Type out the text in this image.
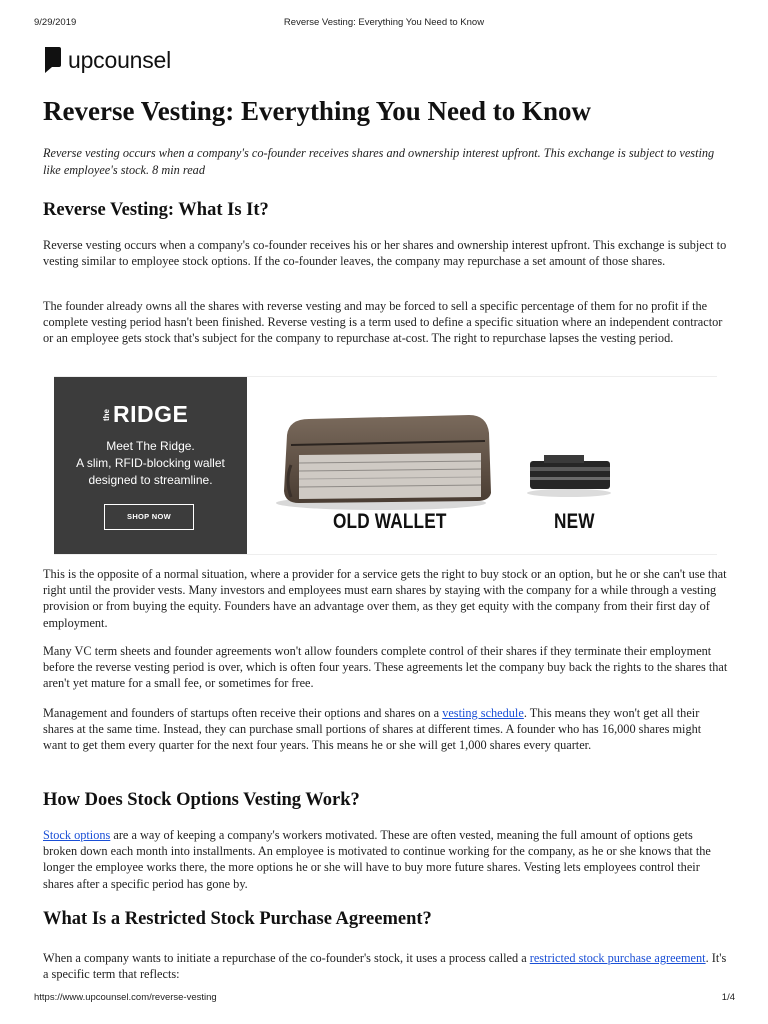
9/29/2019	Reverse Vesting: Everything You Need to Know
upcounsel
Reverse Vesting: Everything You Need to Know

Reverse vesting occurs when a company's co-founder receives shares and ownership interest upfront. This exchange is subject to vesting like employee's stock. 8 min read

Reverse Vesting: What Is It?

Reverse vesting occurs when a company's co-founder receives his or her shares and ownership interest upfront. This exchange is subject to vesting similar to employee stock options. If the co-founder leaves, the company may repurchase a set amount of those shares.

The founder already owns all the shares with reverse vesting and may be forced to sell a specific percentage of them for no profit if the complete vesting period hasn't been finished. Reverse vesting is a term used to define a specific situation where an independent contractor or an employee gets stock that's subject for the company to repurchase at-cost. The right to repurchase lapses the vesting period.

the RIDGE
Meet The Ridge.
A slim, RFID-blocking wallet
designed to streamline.
SHOP NOW	OLD WALLET	NEW

This is the opposite of a normal situation, where a provider for a service gets the right to buy stock or an option, but he or she can't use that right until the provider vests. Many investors and employees must earn shares by staying with the company for a while through a vesting provision or from buying the equity. Founders have an advantage over them, as they get equity with the company from their first day of employment.

Many VC term sheets and founder agreements won't allow founders complete control of their shares if they terminate their employment before the reverse vesting period is over, which is often four years. These agreements let the company buy back the rights to the shares that aren't yet mature for a small fee, or sometimes for free.

Management and founders of startups often receive their options and shares on a vesting schedule. This means they won't get all their shares at the same time. Instead, they can purchase small portions of shares at different times. A founder who has 16,000 shares might want to get them every quarter for the next four years. This means he or she will get 1,000 shares every quarter.

How Does Stock Options Vesting Work?

Stock options are a way of keeping a company's workers motivated. These are often vested, meaning the full amount of options gets broken down each month into installments. An employee is motivated to continue working for the company, as he or she knows that the longer the employee works there, the more options he or she will have to buy more future shares. Vesting lets employees control their shares after a specific period has gone by.

What Is a Restricted Stock Purchase Agreement?

When a company wants to initiate a repurchase of the co-founder's stock, it uses a process called a restricted stock purchase agreement. It's a specific term that reflects:

https://www.upcounsel.com/reverse-vesting	1/4
